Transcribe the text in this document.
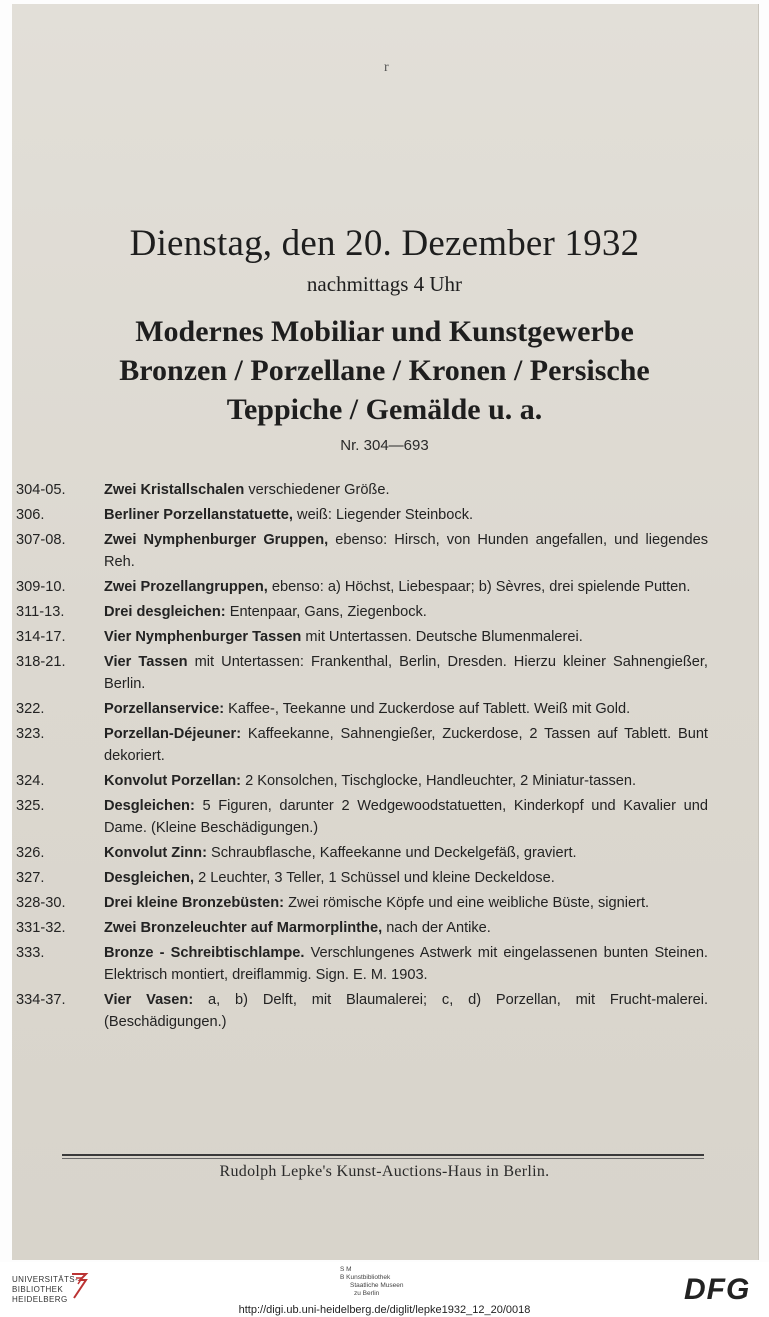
r
Dienstag, den 20. Dezember 1932
nachmittags 4 Uhr
Modernes Mobiliar und Kunstgewerbe
Bronzen / Porzellane / Kronen / Persische
Teppiche / Gemälde u. a.
Nr. 304—693
304-05.	Zwei Kristallschalen verschiedener Größe.
306.	Berliner Porzellanstatuette, weiß: Liegender Steinbock.
307-08.	Zwei Nymphenburger Gruppen, ebenso: Hirsch, von Hunden angefallen, und liegendes Reh.
309-10.	Zwei Prozellangruppen, ebenso: a) Höchst, Liebespaar; b) Sèvres, drei spielende Putten.
311-13.	Drei desgleichen: Entenpaar, Gans, Ziegenbock.
314-17.	Vier Nymphenburger Tassen mit Untertassen. Deutsche Blumenmalerei.
318-21.	Vier Tassen mit Untertassen: Frankenthal, Berlin, Dresden. Hierzu kleiner Sahnengießer, Berlin.
322.	Porzellanservice: Kaffee-, Teekanne und Zuckerdose auf Tablett. Weiß mit Gold.
323.	Porzellan-Déjeuner: Kaffeekanne, Sahnengießer, Zuckerdose, 2 Tassen auf Tablett. Bunt dekoriert.
324.	Konvolut Porzellan: 2 Konsolchen, Tischglocke, Handleuchter, 2 Miniatur-tassen.
325.	Desgleichen: 5 Figuren, darunter 2 Wedgewoodstatuetten, Kinderkopf und Kavalier und Dame. (Kleine Beschädigungen.)
326.	Konvolut Zinn: Schraubflasche, Kaffeekanne und Deckelgefäß, graviert.
327.	Desgleichen, 2 Leuchter, 3 Teller, 1 Schüssel und kleine Deckeldose.
328-30.	Drei kleine Bronzebüsten: Zwei römische Köpfe und eine weibliche Büste, signiert.
331-32.	Zwei Bronzeleuchter auf Marmorplinthe, nach der Antike.
333.	Bronze - Schreibtischlampe. Verschlungenes Astwerk mit eingelassenen bunten Steinen. Elektrisch montiert, dreiflammig. Sign. E. M. 1903.
334-37.	Vier Vasen: a, b) Delft, mit Blaumalerei; c, d) Porzellan, mit Frucht-malerei. (Beschädigungen.)
Rudolph Lepke's Kunst-Auctions-Haus in Berlin.
UNIVERSITÄTS-
BIBLIOTHEK
HEIDELBERG
S M
B Kunstbibliothek
Staatliche Museen
zu Berlin	DFG
http://digi.ub.uni-heidelberg.de/diglit/lepke1932_12_20/0018
